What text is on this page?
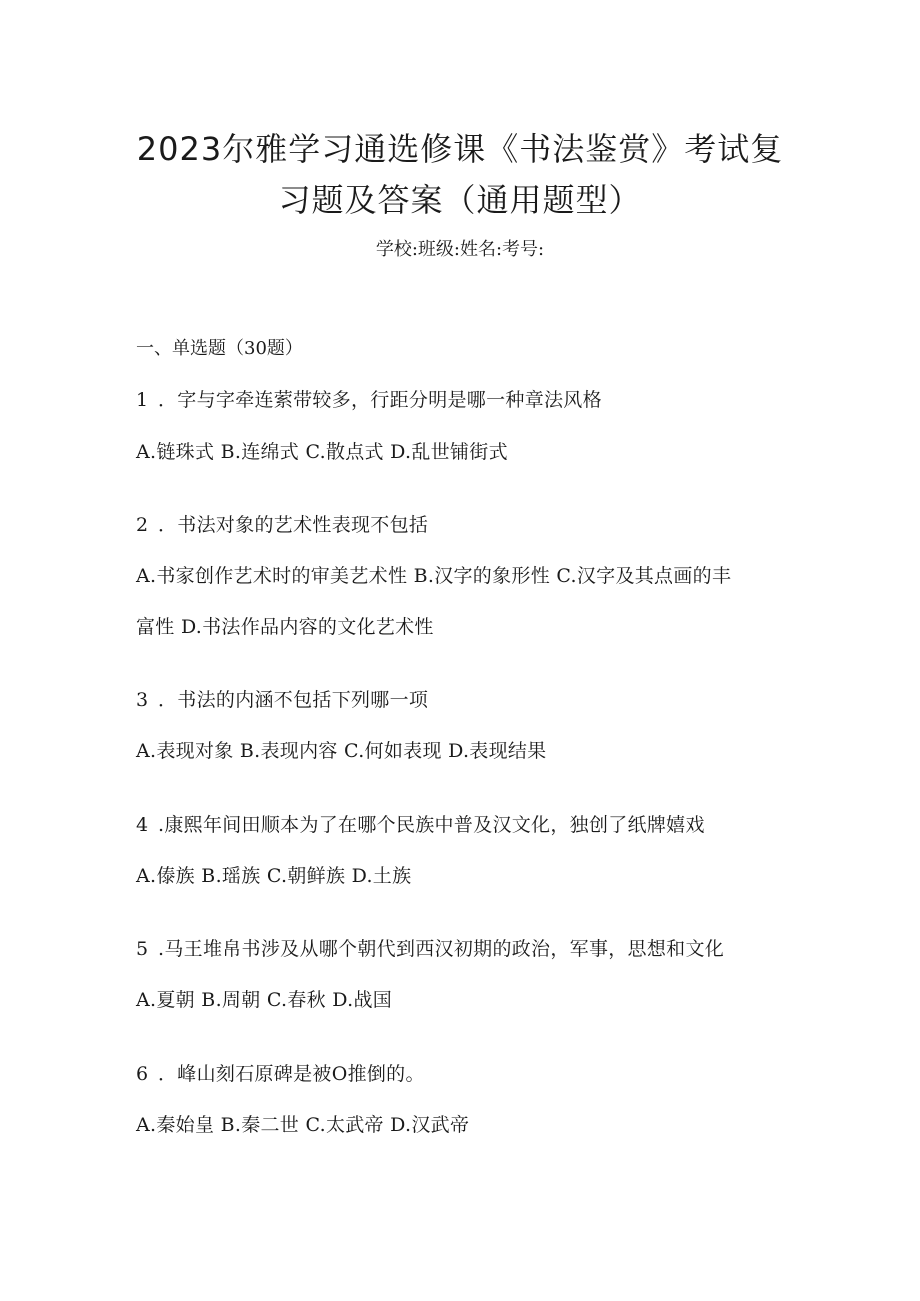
2023尔雅学习通选修课《书法鉴赏》考试复
习题及答案（通用题型）
学校:班级:姓名:考号:
一、单选题（30题）
1 ．字与字牵连萦带较多，行距分明是哪一种章法风格
A.链珠式 B.连绵式 C.散点式 D.乱世铺街式
2 ．书法对象的艺术性表现不包括
A.书家创作艺术时的审美艺术性 B.汉字的象形性 C.汉字及其点画的丰
富性 D.书法作品内容的文化艺术性
3 ．书法的内涵不包括下列哪一项
A.表现对象 B.表现内容 C.何如表现 D.表现结果
4 .康熙年间田顺本为了在哪个民族中普及汉文化，独创了纸牌嬉戏
A.傣族 B.瑶族 C.朝鲜族 D.土族
5 .马王堆帛书涉及从哪个朝代到西汉初期的政治，军事，思想和文化
A.夏朝 B.周朝 C.春秋 D.战国
6 ．峰山刻石原碑是被O推倒的。
A.秦始皇 B.秦二世 C.太武帝 D.汉武帝
